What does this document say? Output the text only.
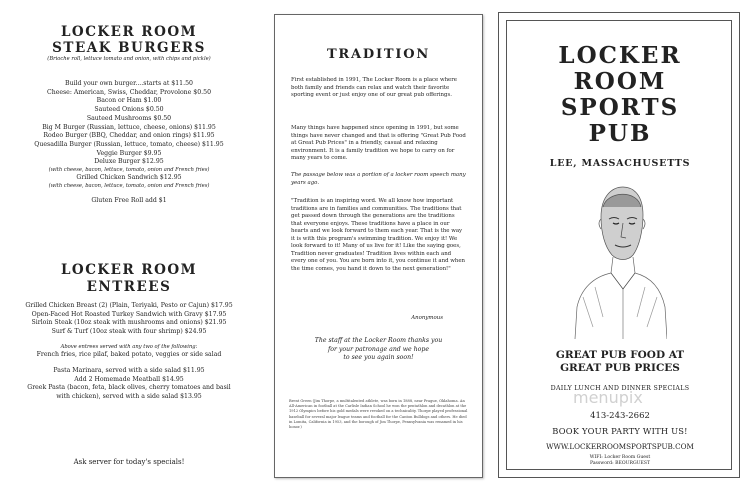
LOCKER ROOM
STEAK BURGERS
(Brioche roll, lettuce tomato and onion, with chips and pickle)
Build your own burger....starts at $11.50
Cheese: American, Swiss, Cheddar, Provolone $0.50
Bacon or Ham $1.00
Sauteed Onions $0.50
Sauteed Mushrooms $0.50
Big M Burger (Russian, lettuce, cheese, onions) $11.95
Rodeo Burger (BBQ, Cheddar, and onion rings) $11.95
Quesadilla Burger (Russian, lettuce, tomato, cheese) $11.95
Veggie Burger $9.95
Deluxe Burger $12.95
(with cheese, bacon, lettuce, tomato, onion and French fries)
Grilled Chicken Sandwich $12.95
(with cheese, bacon, lettuce, tomato, onion and French fries)
Gluten Free Roll add $1
LOCKER ROOM
ENTREES
Grilled Chicken Breast (2) (Plain, Teriyaki, Pesto or Cajun) $17.95
Open-Faced Hot Roasted Turkey Sandwich with Gravy $17.95
Sirloin Steak (10oz steak with mushrooms and onions) $21.95
Surf & Turf (10oz steak with four shrimp) $24.95
Above entrees served with any two of the following:
French fries, rice pilaf, baked potato, veggies or side salad
Pasta Marinara, served with a side salad $11.95
Add 2 Homemade Meatball $14.95
Greek Pasta (bacon, feta, black olives, cherry tomatoes and basil
with chicken), served with a side salad $13.95
Ask server for today's specials!
TRADITION
First established in 1991, The Locker Room is a place where both family and friends can relax and watch their favorite sporting event or just enjoy one of our great pub offerings.
Many things have happened since opening in 1991, but some things have never changed and that is offering "Great Pub Food at Great Pub Prices" in a friendly, casual and relaxing environment. It is a family tradition we hope to carry on for many years to come.
The passage below was a portion of a locker room speech many years ago.
"Tradition is an inspiring word. We all know how important traditions are in families and communities. The traditions that get passed down through the generations are the traditions that everyone enjoys. These traditions have a place in our hearts and we look forward to them each year. That is the way it is with this program's swimming tradition. We enjoy it! We look forward to it! Many of us live for it! Like the saying goes, Tradition never graduates! Tradition lives within each and every one of you. You are born into it, you continue it and when the time comes, you hand it down to the next generation!"
Anonymous
The staff at the Locker Room thanks you
for your patronage and we hope
to see you again soon!
Brent Green (Jim Thorpe, a multitalented athlete, was born in 1888, near Prague, Oklahoma. An All-American in football at the Carlisle Indian School he won the pentathlon and decathlon at the 1912 Olympics before his gold medals were revoked on a technicality. Thorpe played professional baseball for several major league teams and football for the Canton Bulldogs and others. He died in Lomita, California in 1953, and the borough of Jim Thorpe, Pennsylvania was renamed in his honor.)
LOCKER
ROOM
SPORTS
PUB
LEE, MASSACHUSETTS
GREAT PUB FOOD AT
GREAT PUB PRICES
DAILY LUNCH AND DINNER SPECIALS
413-243-2662
BOOK YOUR PARTY WITH US!
WWW.LOCKERROOMSPORTSPUB.COM
WIFI: Locker Room Guest
Password: BEOURGUEST
menupix
